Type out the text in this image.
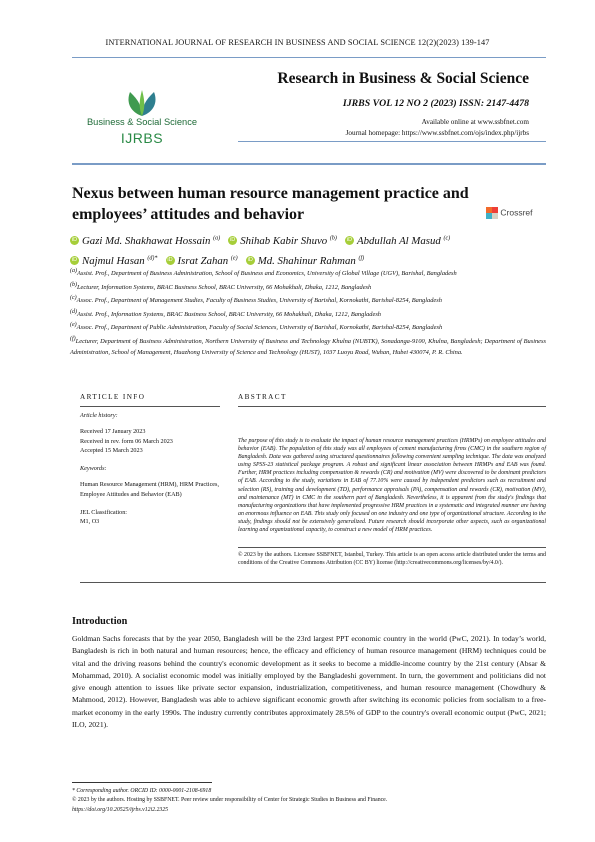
INTERNATIONAL JOURNAL OF RESEARCH IN BUSINESS AND SOCIAL SCIENCE 12(2)(2023) 139-147
Business & Social Science
IJRBS
Research in Business & Social Science
IJRBS VOL 12 NO 2 (2023) ISSN: 2147-4478
Available online at www.ssbfnet.com
Journal homepage: https://www.ssbfnet.com/ojs/index.php/ijrbs
Nexus between human resource management practice and employees’ attitudes and behavior	Crossref
iD Gazi Md. Shakhawat Hossain $^{(a)}$ iD Shihab Kabir Shuvo $^{(b)}$ iD Abdullah Al Masud $^{(c)}$
iD Najmul Hasan $^{(d)*}$ iD Israt Zahan $^{(e)}$ iD Md. Shahinur Rahman $^{(f)}$
$^{(a)}$Assist. Prof., Department of Business Administration, School of Business and Economics, University of Global Village (UGV), Barishal, Bangladesh
$^{(b)}$Lecturer, Information Systems, BRAC Business School, BRAC University, 66 Mohakhali, Dhaka, 1212, Bangladesh
$^{(c)}$Assoc. Prof., Department of Management Studies, Faculty of Business Studies, University of Barishal, Kornokathi, Barishal-8254, Bangladesh
$^{(d)}$Assist. Prof., Information Systems, BRAC Business School, BRAC University, 66 Mohakhali, Dhaka, 1212, Bangladesh
$^{(e)}$Assoc. Prof., Department of Public Administration, Faculty of Social Sciences, University of Barishal, Kornokathi, Barishal-8254, Bangladesh
$^{(f)}$Lecturer, Department of Business Administration, Northern University of Business and Technology Khulna (NUBTK), Sonadanga-9100, Khulna, Bangladesh; Department of Business Administration, School of Management, Huazhong University of Science and Technology (HUST), 1037 Luoyu Road, Wuhan, Hubei 430074, P. R. China.
ARTICLE INFO
Article history:
Received 17 January 2023
Received in rev. form 06 March 2023
Accepted 15 March 2023
Keywords:
Human Resource Management (HRM), HRM Practices, Employee Attitudes and Behavior (EAB)
JEL Classification:
M1, O3
ABSTRACT
The purpose of this study is to evaluate the impact of human resource management practices (HRMPs) on employee attitudes and behavior (EAB). The population of this study was all employees of cement manufacturing firms (CMC) in the southern region of Bangladesh. Data was gathered using structured questionnaires following convenient sampling technique. The data was analyzed using SPSS-23 statistical package program. A robust and significant linear association between HRMPs and EAB was found. Further, HRM practices including compensation & rewards (CR) and motivation (MV) were discovered to be dominant predictors of EAB. According to the study, variations in EAB of 77.10% were caused by independent predictors such as recruitment and selection (RS), training and development (TD), performance appraisals (PA), compensation and rewards (CR), motivation (MV), and maintenance (MT) in CMC in the southern part of Bangladesh. Nevertheless, it is apparent from the study's findings that manufacturing organizations that have implemented progressive HRM practices in a systematic and integrated manner are having an enormous influence on EAB. This study only focused on one industry and one type of organizational structure. According to the study, findings should not be extensively generalized. Future research should incorporate other aspects, such as organizational learning and organizational capacity, to construct a new model of HRM practices.
© 2023 by the authors. Licensee SSBFNET, Istanbul, Turkey. This article is an open access article distributed under the terms and conditions of the Creative Commons Attribution (CC BY) license (http://creativecommons.org/licenses/by/4.0/).
Introduction
Goldman Sachs forecasts that by the year 2050, Bangladesh will be the 23rd largest PPT economic country in the world (PwC, 2021). In today’s world, Bangladesh is rich in both natural and human resources; hence, the efficacy and efficiency of human resource management (HRM) techniques could be vital and the driving reasons behind the country's economic development as it seeks to become a middle-income country by the 21st century (Absar & Mohammad, 2010). A socialist economic model was initially employed by the Bangladeshi government. In turn, the government and politicians did not give enough attention to issues like private sector expansion, industrialization, competitiveness, and human resource management (Chowdhury & Mahmood, 2012). However, Bangladesh was able to achieve significant economic growth after switching its economic policies from socialism to a free-market economy in the early 1990s. The industry currently contributes approximately 28.5% of GDP to the country's overall economic output (PwC, 2021; ILO, 2021).
* Corresponding author. ORCID ID: 0000-0001-2108-6918
© 2023 by the authors. Hosting by SSBFNET. Peer review under responsibility of Center for Strategic Studies in Business and Finance.
https://doi.org/10.20525/ijrbs.v12i2.2325
